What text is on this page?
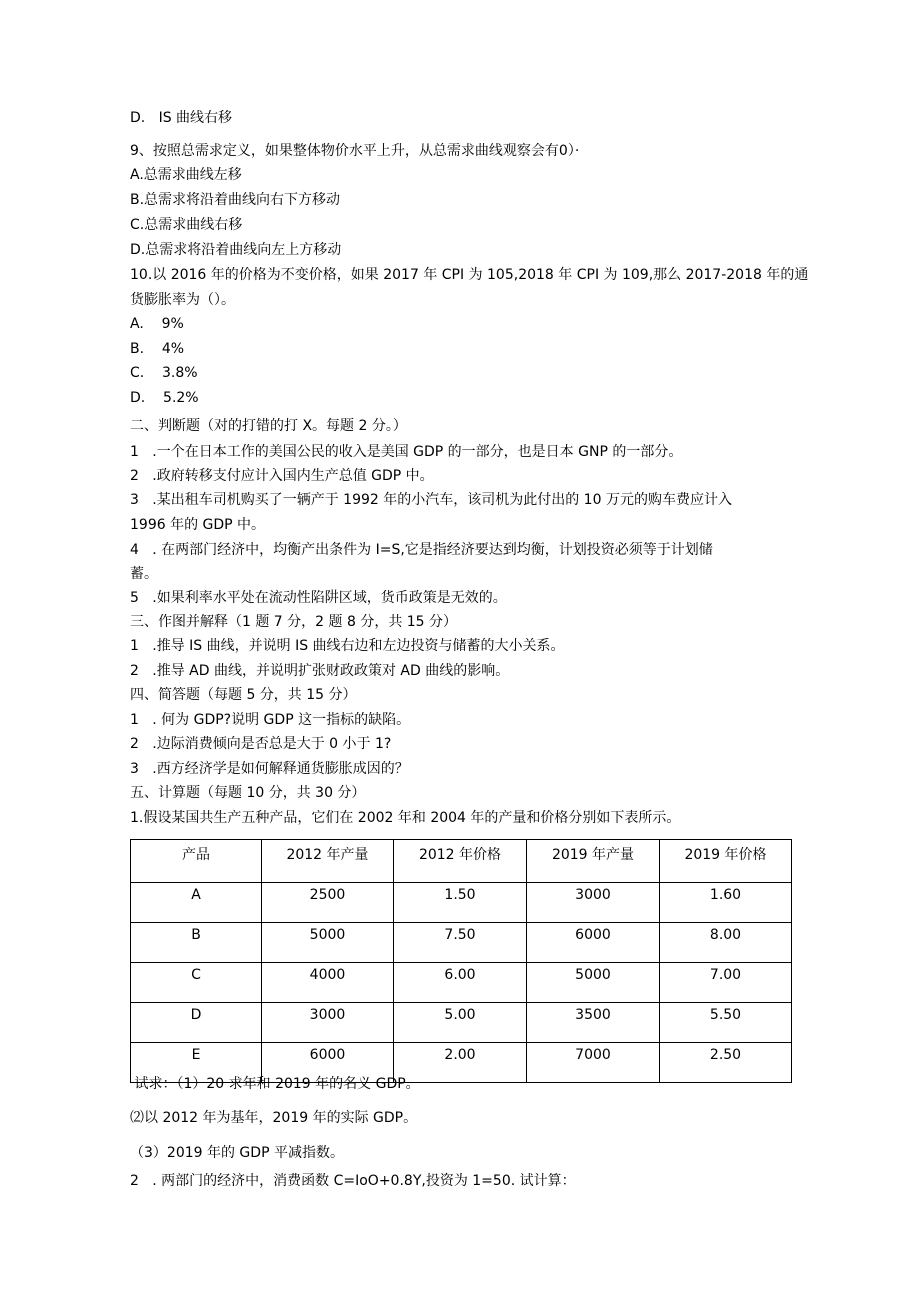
D.   IS 曲线右移
9、按照总需求定义，如果整体物价水平上升，从总需求曲线观察会有0）·
A.总需求曲线左移
B.总需求将沿着曲线向右下方移动
C.总需求曲线右移
D.总需求将沿着曲线向左上方移动
10.以 2016 年的价格为不变价格，如果 2017 年 CPI 为 105,2018 年 CPI 为 109,那么 2017-2018 年的通
货膨胀率为（）。
A.    9%
B.    4%
C.    3.8%
D.    5.2%
二、判断题（对的打错的打 X。每题 2 分。）
1   .一个在日本工作的美国公民的收入是美国 GDP 的一部分，也是日本 GNP 的一部分。
2   .政府转移支付应计入国内生产总值 GDP 中。
3   .某出租车司机购买了一辆产于 1992 年的小汽车，该司机为此付出的 10 万元的购车费应计入
1996 年的 GDP 中。
4   . 在两部门经济中，均衡产出条件为 I=S,它是指经济要达到均衡，计划投资必须等于计划储
蓄。
5   .如果利率水平处在流动性陷阱区域，货币政策是无效的。
三、作图并解释（1 题 7 分，2 题 8 分，共 15 分）
1   .推导 IS 曲线，并说明 IS 曲线右边和左边投资与储蓄的大小关系。
2   .推导 AD 曲线，并说明扩张财政政策对 AD 曲线的影响。
四、简答题（每题 5 分，共 15 分）
1   . 何为 GDP?说明 GDP 这一指标的缺陷。
2   .边际消费倾向是否总是大于 0 小于 1?
3   .西方经济学是如何解释通货膨胀成因的？
五、计算题（每题 10 分，共 30 分）
1.假设某国共生产五种产品，它们在 2002 年和 2004 年的产量和价格分别如下表所示。
产品	2012 年产量	2012 年价格	2019 年产量	2019 年价格
A	2500	1.50	3000	1.60
B	5000	7.50	6000	8.00
C	4000	6.00	5000	7.00
D	3000	5.00	3500	5.50
E	6000	2.00	7000	2.50
试求：（1）20 求年和 2019 年的名义 GDP。
⑵以 2012 年为基年，2019 年的实际 GDP。
（3）2019 年的 GDP 平减指数。
2   . 两部门的经济中，消费函数 C=IoO+0.8Y,投资为 1=50. 试计算：
